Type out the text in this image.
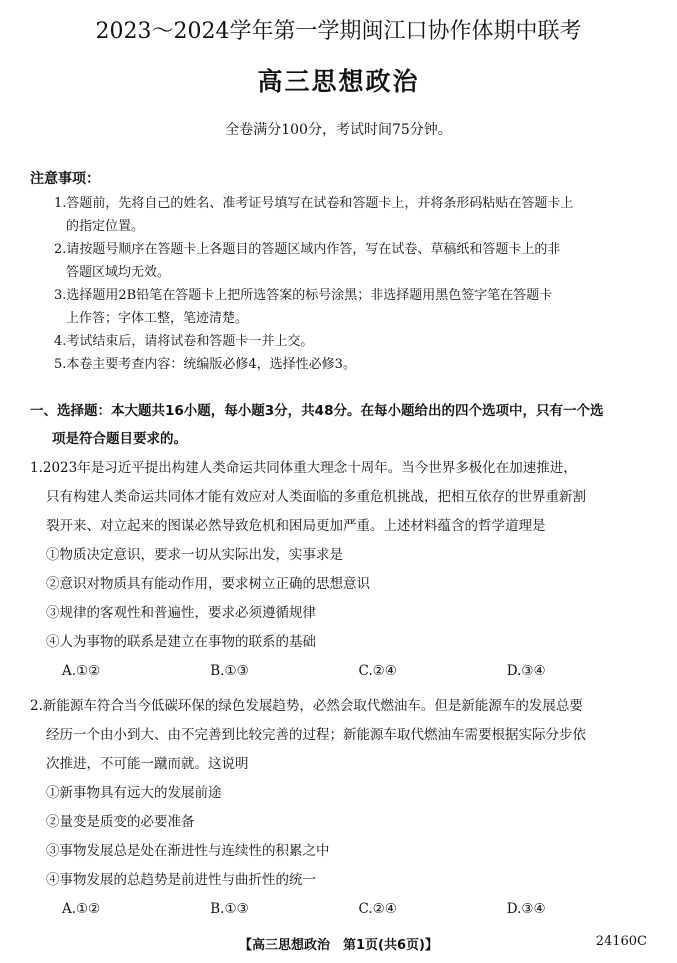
2023～2024学年第一学期闽江口协作体期中联考
高三思想政治
全卷满分100分，考试时间75分钟。
注意事项：
1.答题前，先将自己的姓名、准考证号填写在试卷和答题卡上，并将条形码粘贴在答题卡上
的指定位置。
2.请按题号顺序在答题卡上各题目的答题区域内作答，写在试卷、草稿纸和答题卡上的非
答题区域均无效。
3.选择题用2B铅笔在答题卡上把所选答案的标号涂黑；非选择题用黑色签字笔在答题卡
上作答；字体工整，笔迹清楚。
4.考试结束后，请将试卷和答题卡一并上交。
5.本卷主要考查内容：统编版必修4，选择性必修3。
一、选择题：本大题共16小题，每小题3分，共48分。在每小题给出的四个选项中，只有一个选
项是符合题目要求的。
1.2023年是习近平提出构建人类命运共同体重大理念十周年。当今世界多极化在加速推进，
只有构建人类命运共同体才能有效应对人类面临的多重危机挑战，把相互依存的世界重新割
裂开来、对立起来的图谋必然导致危机和困局更加严重。上述材料蕴含的哲学道理是
①物质决定意识，要求一切从实际出发，实事求是
②意识对物质具有能动作用，要求树立正确的思想意识
③规律的客观性和普遍性，要求必须遵循规律
④人为事物的联系是建立在事物的联系的基础
A.①②	B.①③	C.②④	D.③④
2.新能源车符合当今低碳环保的绿色发展趋势，必然会取代燃油车。但是新能源车的发展总要
经历一个由小到大、由不完善到比较完善的过程；新能源车取代燃油车需要根据实际分步依
次推进，不可能一蹴而就。这说明
①新事物具有远大的发展前途
②量变是质变的必要准备
③事物发展总是处在渐进性与连续性的积累之中
④事物发展的总趋势是前进性与曲折性的统一
A.①②	B.①③	C.②④	D.③④
【高三思想政治　第1页(共6页)】	24160C
